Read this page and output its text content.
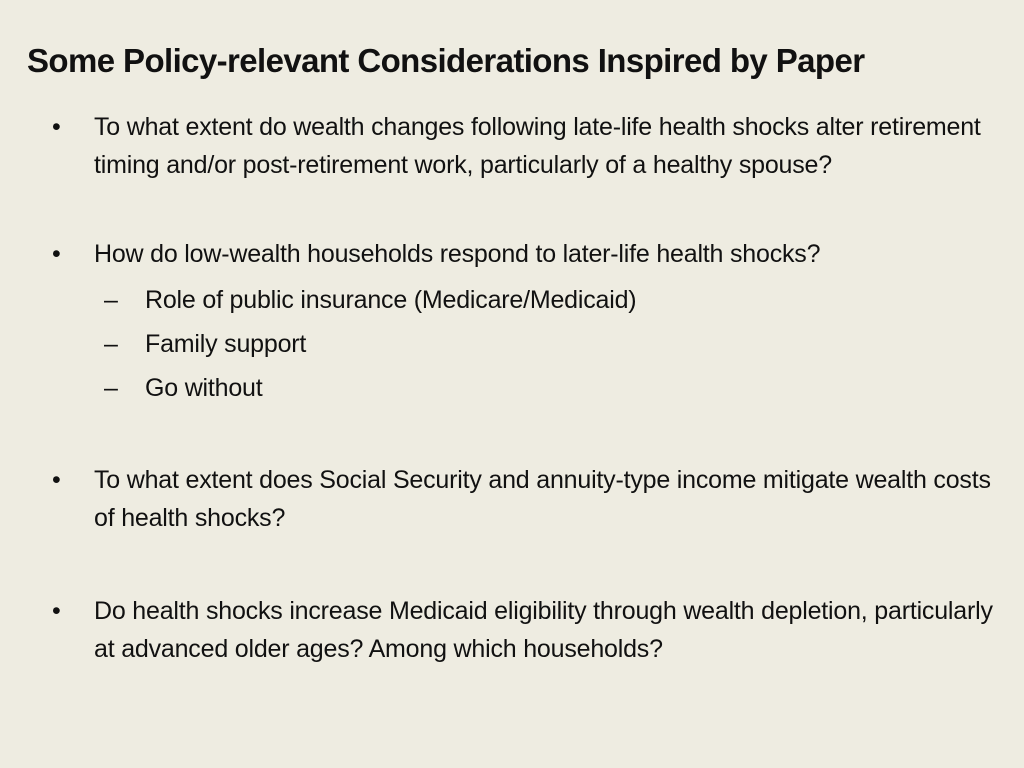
Some Policy-relevant Considerations Inspired by Paper
•	To what extent do wealth changes following late-life health shocks alter retirement timing and/or post-retirement work, particularly of a healthy spouse?
•	How do low-wealth households respond to later-life health shocks?
–	Role of public insurance (Medicare/Medicaid)
–	Family support
–	Go without
•	To what extent does Social Security and annuity-type income mitigate wealth costs of health shocks?
•	Do health shocks increase Medicaid eligibility through wealth depletion, particularly at advanced older ages? Among which households?
